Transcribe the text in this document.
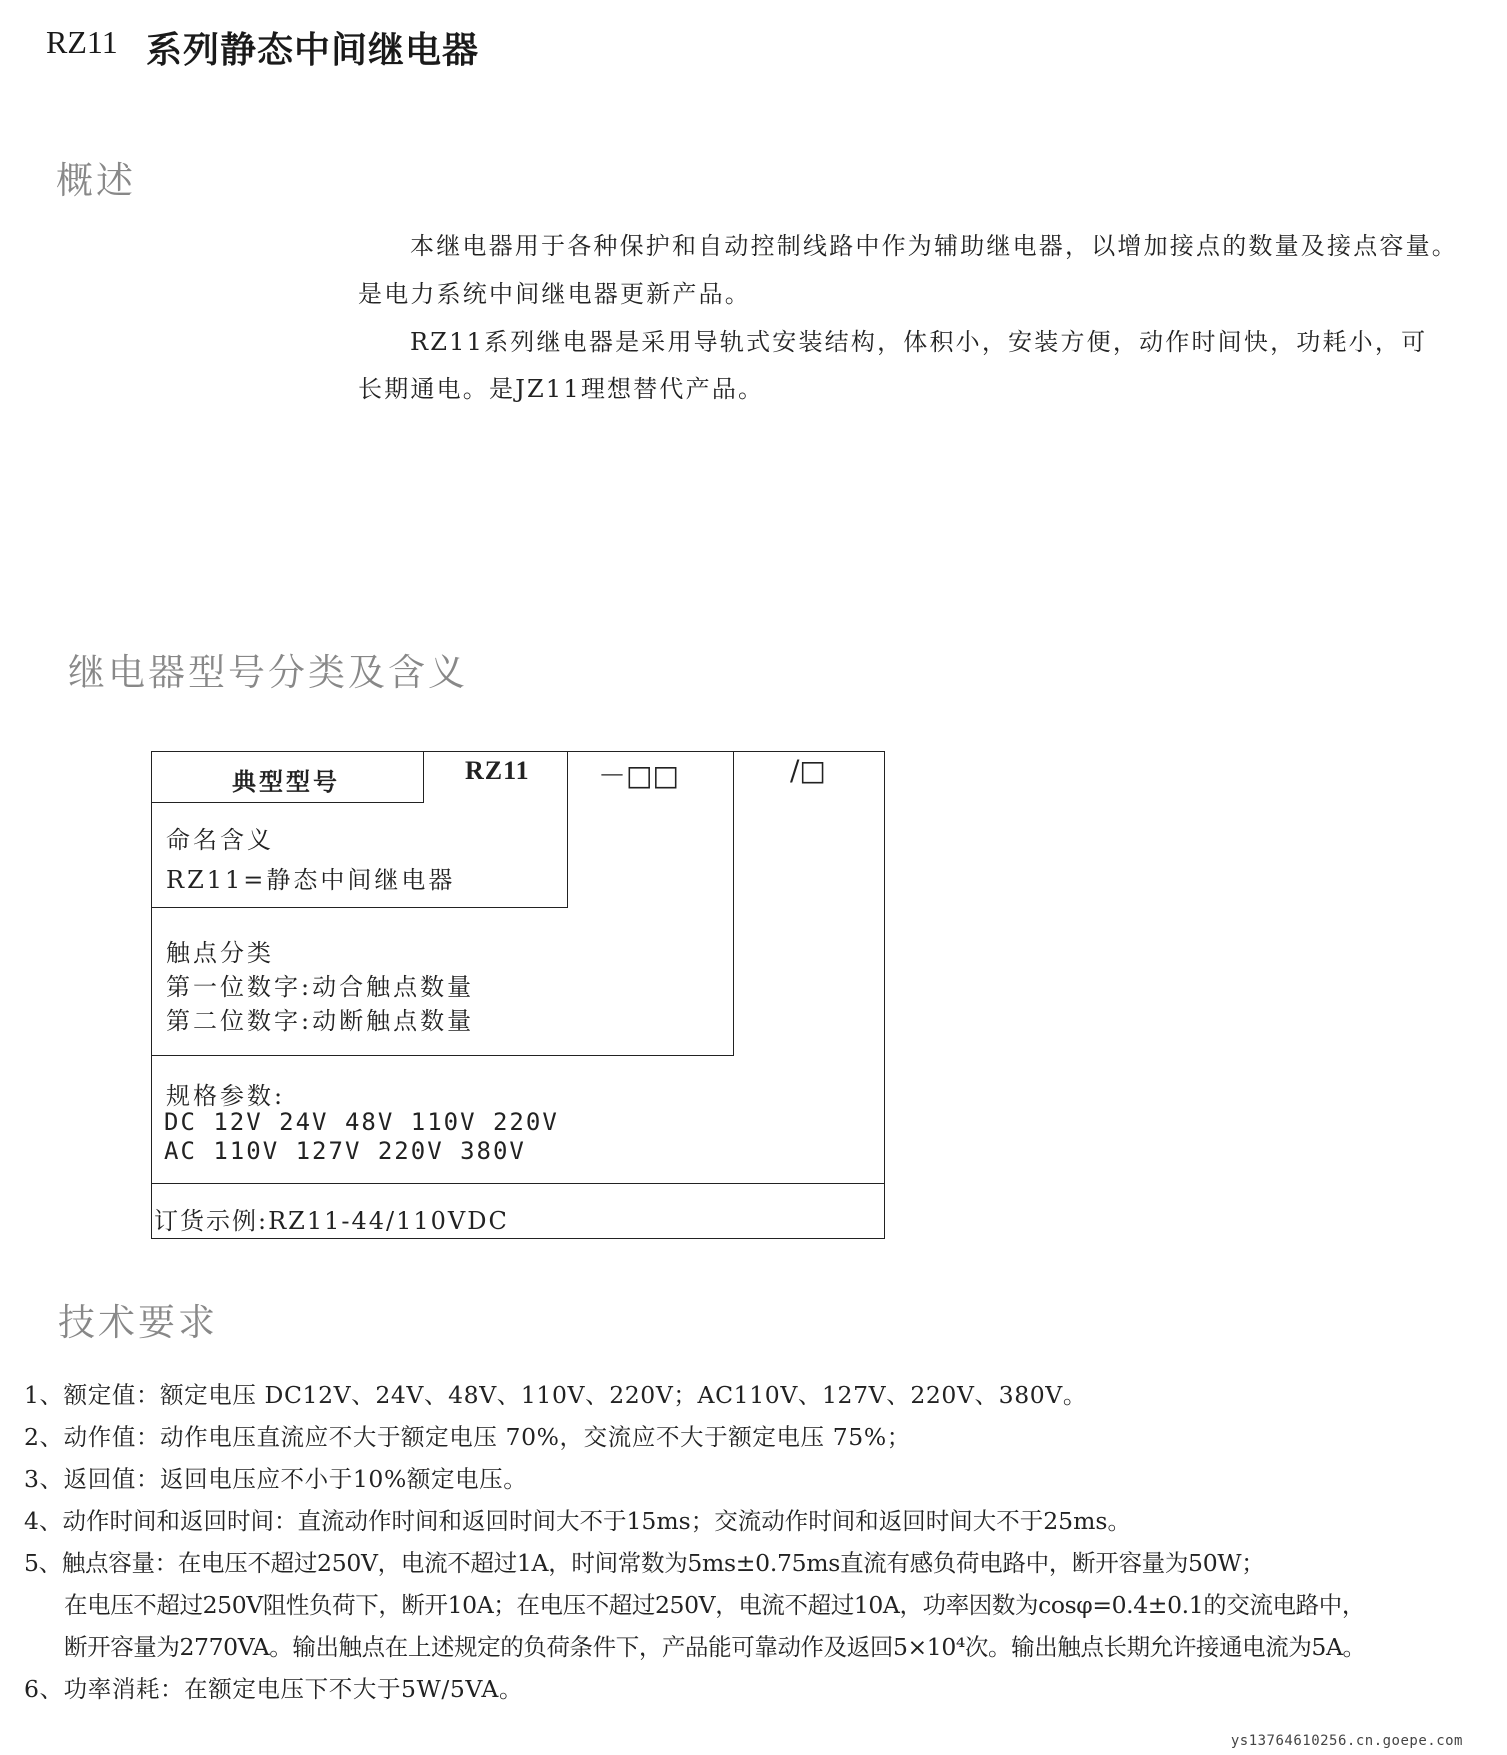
RZ11 系列静态中间继电器
概述
本继电器用于各种保护和自动控制线路中作为辅助继电器，以增加接点的数量及接点容量。
是电力系统中间继电器更新产品。
RZ11系列继电器是采用导轨式安装结构，体积小，安装方便，动作时间快，功耗小，可
长期通电。是JZ11理想替代产品。
继电器型号分类及含义
典型型号	RZ11 －□□	/□
命名含义
RZ11=静态中间继电器
触点分类
第一位数字:动合触点数量
第二位数字:动断触点数量
规格参数:
DC 12V 24V 48V 110V 220V
AC 110V 127V 220V 380V
订货示例:RZ11-44/110VDC
技术要求
1、额定值：额定电压 DC12V、24V、48V、110V、220V；AC110V、127V、220V、380V。
2、动作值：动作电压直流应不大于额定电压 70%，交流应不大于额定电压 75%；
3、返回值：返回电压应不小于10%额定电压。
4、动作时间和返回时间：直流动作时间和返回时间大不于15ms；交流动作时间和返回时间大不于25ms。
5、触点容量：在电压不超过250V，电流不超过1A，时间常数为5ms±0.75ms直流有感负荷电路中，断开容量为50W；
在电压不超过250V阻性负荷下，断开10A；在电压不超过250V，电流不超过10A，功率因数为cosφ=0.4±0.1的交流电路中，
断开容量为2770VA。输出触点在上述规定的负荷条件下，产品能可靠动作及返回5×10⁴次。输出触点长期允许接通电流为5A。
6、功率消耗：在额定电压下不大于5W/5VA。
ys13764610256.cn.goepe.com
